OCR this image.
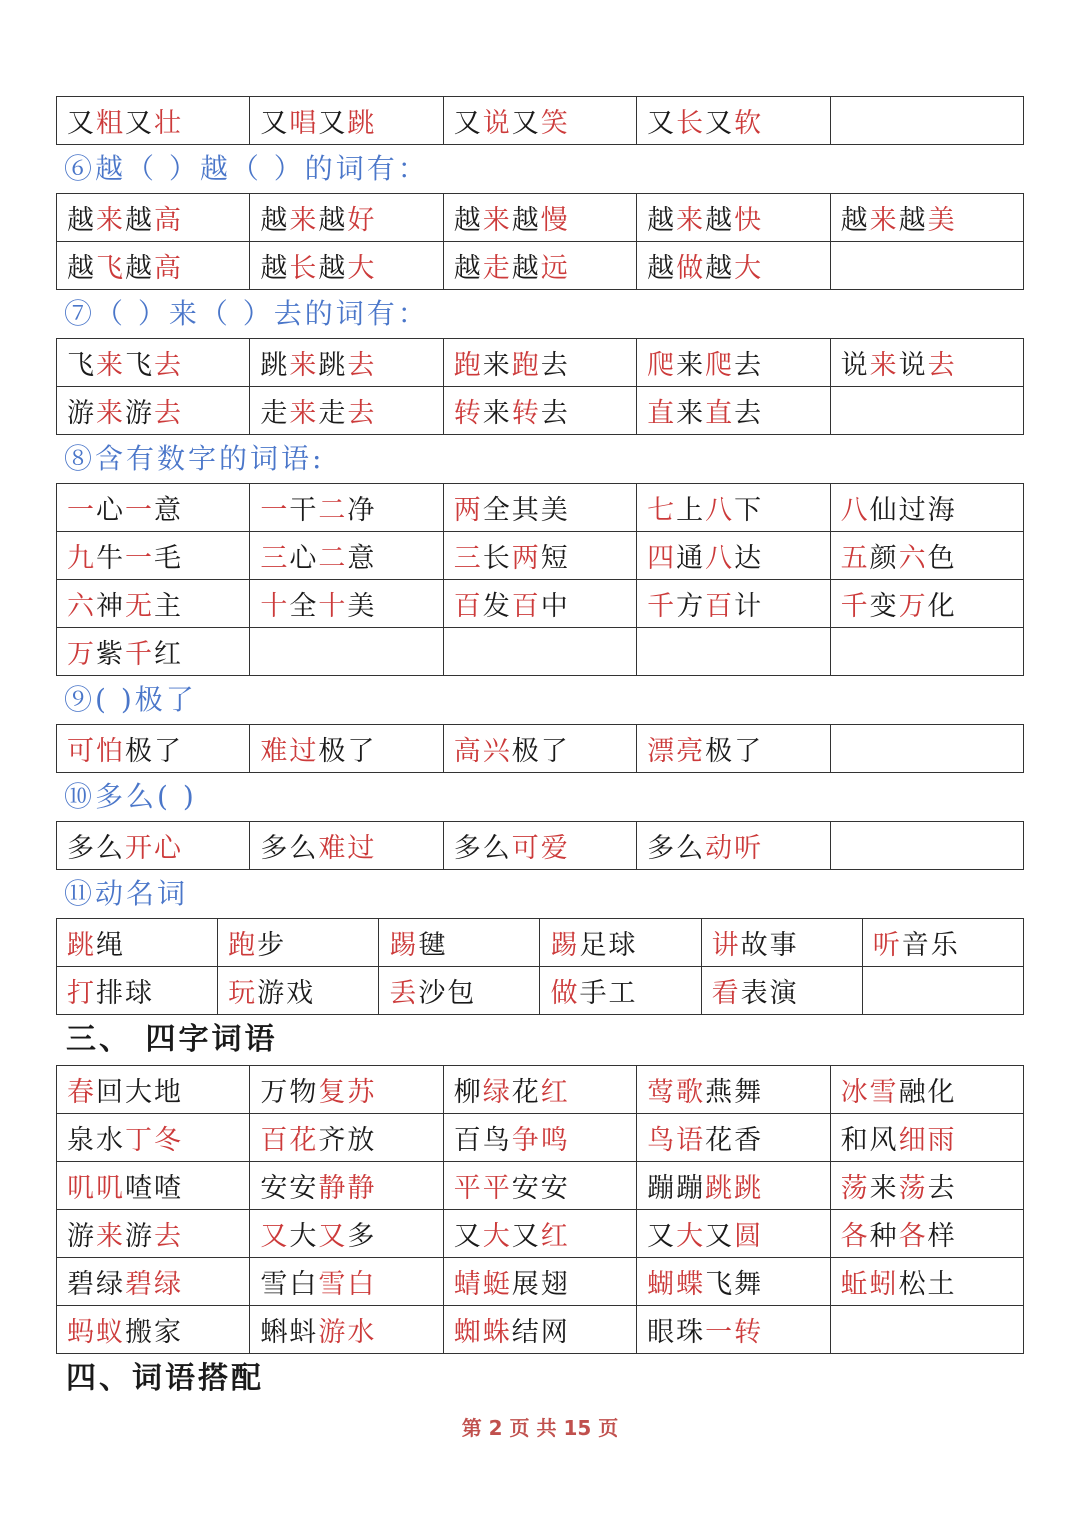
又粗又壮	又唱又跳	又说又笑	又长又软	
⑥越（ ）越（ ）的词有：
越来越高	越来越好	越来越慢	越来越快	越来越美
越飞越高	越长越大	越走越远	越做越大	
⑦（ ）来（ ）去的词有：
飞来飞去	跳来跳去	跑来跑去	爬来爬去	说来说去
游来游去	走来走去	转来转去	直来直去	
⑧含有数字的词语:
一心一意	一干二净	两全其美	七上八下	八仙过海
九牛一毛	三心二意	三长两短	四通八达	五颜六色
六神无主	十全十美	百发百中	千方百计	千变万化
万紫千红				
⑨( )极了
可怕极了	难过极了	高兴极了	漂亮极了	
⑩多么( )
多么开心	多么难过	多么可爱	多么动听	
⑪动名词
跳绳	跑步	踢毽	踢足球	讲故事	听音乐
打排球	玩游戏	丢沙包	做手工	看表演	
三、 四字词语
春回大地	万物复苏	柳绿花红	莺歌燕舞	冰雪融化
泉水丁冬	百花齐放	百鸟争鸣	鸟语花香	和风细雨
叽叽喳喳	安安静静	平平安安	蹦蹦跳跳	荡来荡去
游来游去	又大又多	又大又红	又大又圆	各种各样
碧绿碧绿	雪白雪白	蜻蜓展翅	蝴蝶飞舞	蚯蚓松土
蚂蚁搬家	蝌蚪游水	蜘蛛结网	眼珠一转	
四、词语搭配
第 2 页 共 15 页
